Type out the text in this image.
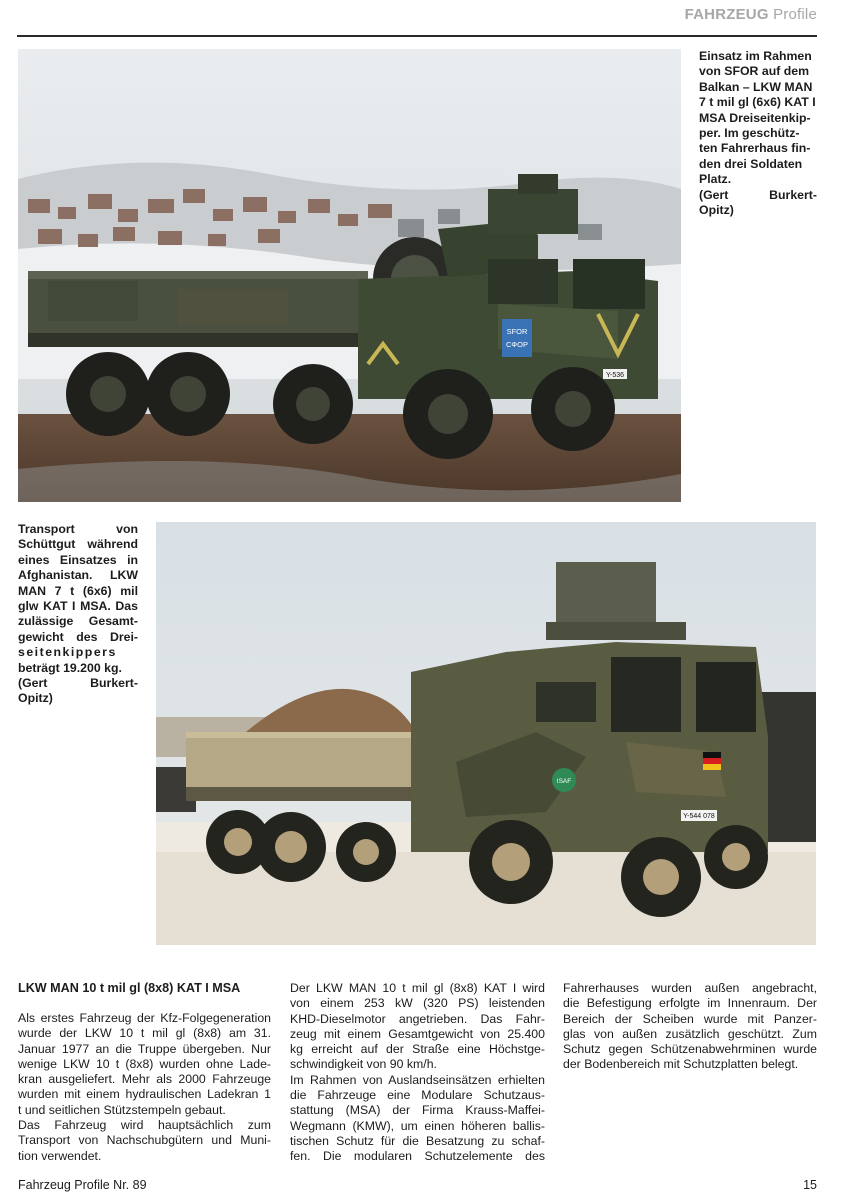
FAHRZEUG Profile
SFOR
CФOP
Y-536
Einsatz im Rahmen
von SFOR auf dem
Balkan – LKW MAN
7 t mil gl (6x6) KAT I
MSA Dreiseitenkip-
per. Im geschütz-
ten Fahrerhaus fin-
den drei Soldaten
Platz.
(Gert Burkert-
Opitz)
ISAF
Y-544 078
Transport von
Schüttgut während
eines Einsatzes in
Afghanistan. LKW
MAN 7 t (6x6) mil
glw KAT I MSA. Das
zulässige Gesamt-
gewicht des Drei-
seitenkippers
beträgt 19.200 kg.
(Gert Burkert-
Opitz)
LKW MAN 10 t mil gl (8x8) KAT I MSA
Als erstes Fahrzeug der Kfz-Folgegeneration
wurde der LKW 10 t mil gl (8x8) am 31.
Januar 1977 an die Truppe übergeben. Nur
wenige LKW 10 t (8x8) wurden ohne Lade-
kran ausgeliefert. Mehr als 2000 Fahrzeuge
wurden mit einem hydraulischen Ladekran 1
t und seitlichen Stützstempeln gebaut.
Das Fahrzeug wird hauptsächlich zum
Transport von Nachschubgütern und Muni-
tion verwendet.
Der LKW MAN 10 t mil gl (8x8) KAT I wird
von einem 253 kW (320 PS) leistenden
KHD-Dieselmotor angetrieben. Das Fahr-
zeug mit einem Gesamtgewicht von 25.400
kg erreicht auf der Straße eine Höchstge-
schwindigkeit von 90 km/h.
Im Rahmen von Auslandseinsätzen erhielten
die Fahrzeuge eine Modulare Schutzaus-
stattung (MSA) der Firma Krauss-Maffei-
Wegmann (KMW), um einen höheren ballis-
tischen Schutz für die Besatzung zu schaf-
fen. Die modularen Schutzelemente des
Fahrerhauses wurden außen angebracht,
die Befestigung erfolgte im Innenraum. Der
Bereich der Scheiben wurde mit Panzer-
glas von außen zusätzlich geschützt. Zum
Schutz gegen Schützenabwehrminen wurde
der Bodenbereich mit Schutzplatten belegt.
Fahrzeug Profile Nr. 89	15
